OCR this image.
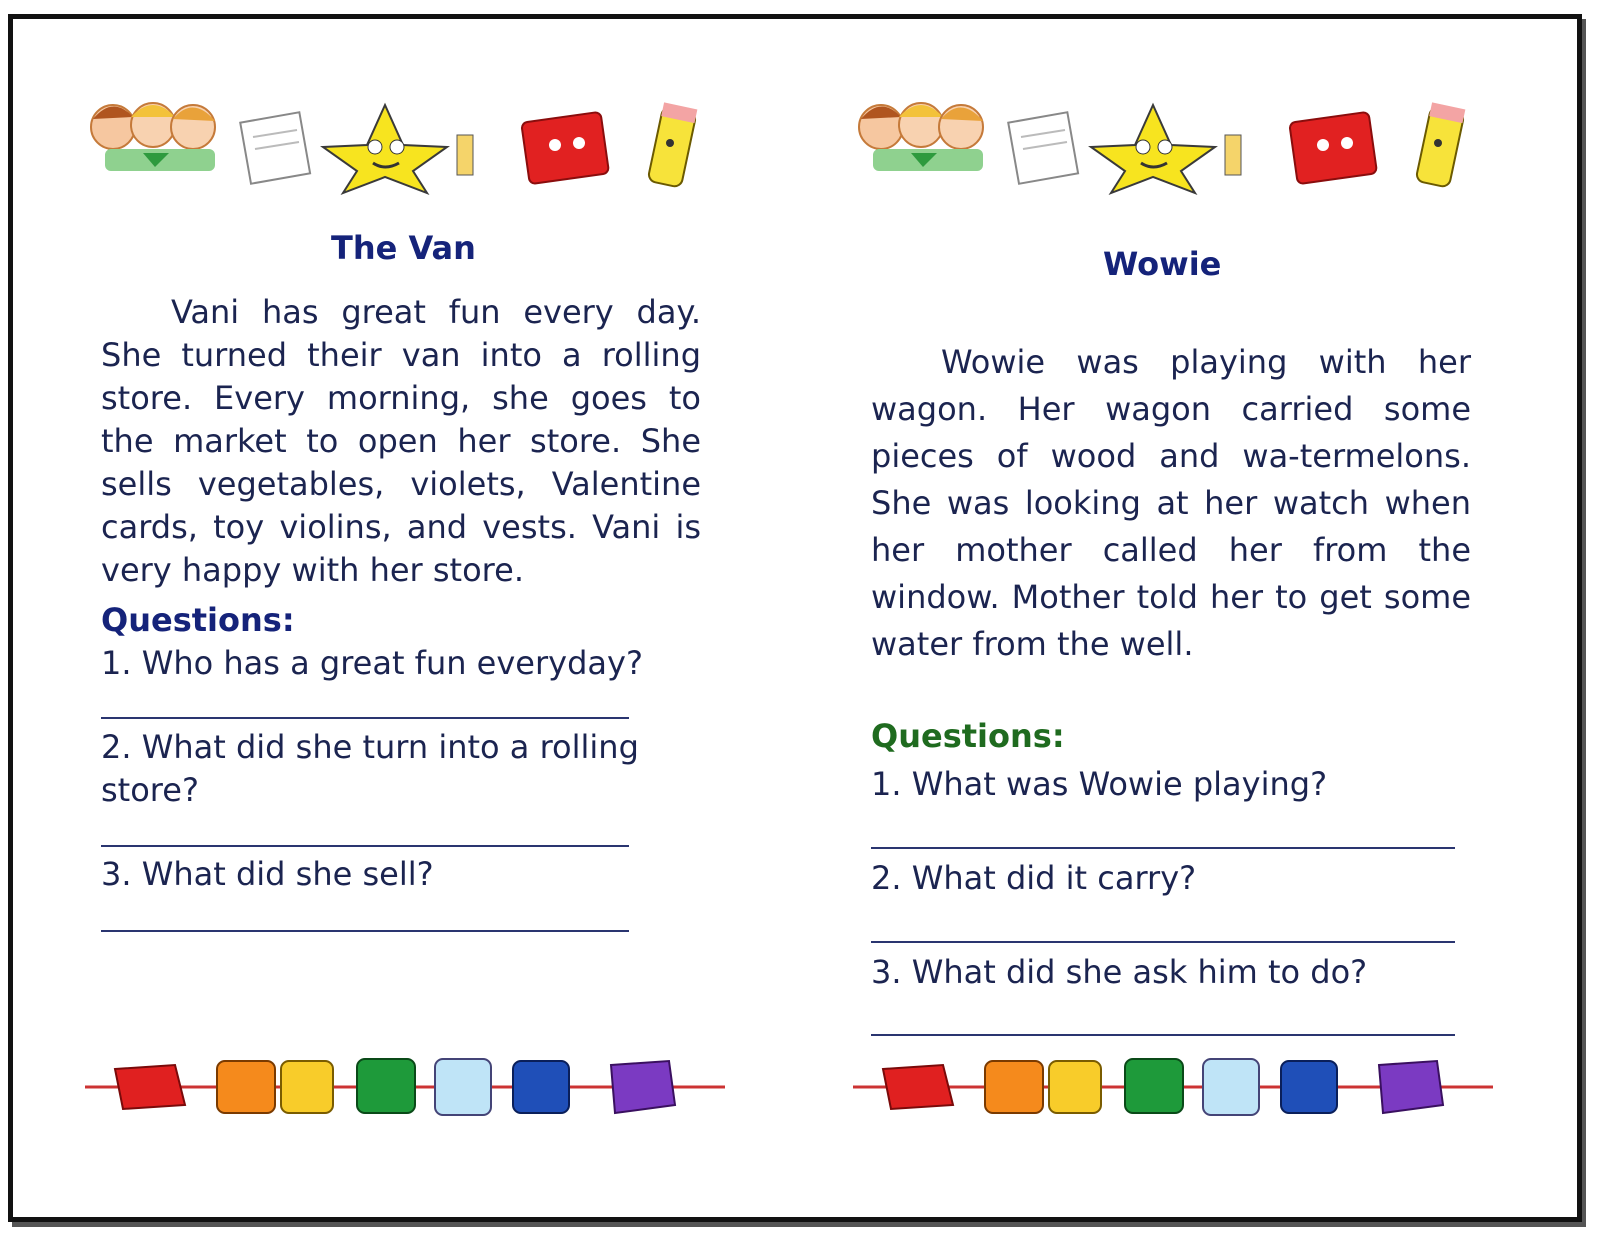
The Van
Vani has great fun every day. She turned their van into a rolling store. Every morning, she goes to the market to open her store. She sells vegetables, violets, Valentine cards, toy violins, and vests. Vani is very happy with her store.
Questions:
1. Who has a great fun everyday?
2. What did she turn into a rolling store?
3. What did she sell?
Wowie
Wowie was playing with her wagon. Her wagon carried some pieces of wood and wa-termelons. She was looking at her watch when her mother called her from the window. Mother told her to get some water from the well.
Questions:
1. What was Wowie playing?
2. What did it carry?
3. What did she ask him to do?
